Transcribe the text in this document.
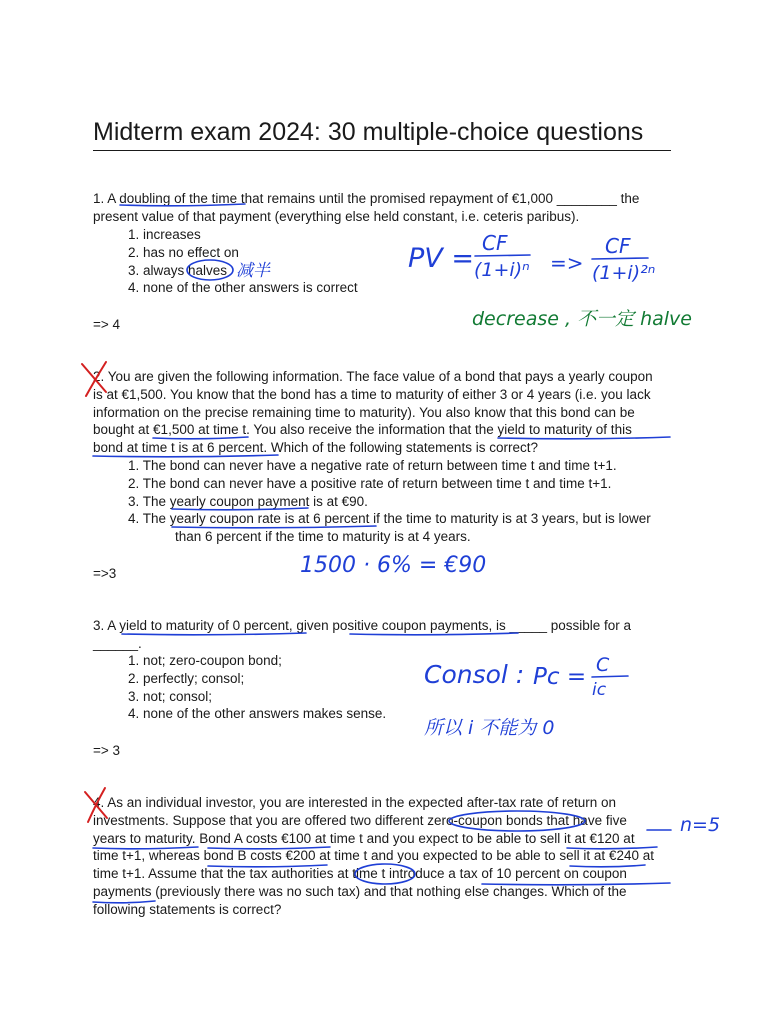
Midterm exam 2024: 30 multiple-choice questions
1. A doubling of the time that remains until the promised repayment of €1,000 ________ the
present value of that payment (everything else held constant, i.e. ceteris paribus).
1. increases
2. has no effect on
3. always halves
4. none of the other answers is correct
=> 4
2. You are given the following information. The face value of a bond that pays a yearly coupon
is at €1,500. You know that the bond has a time to maturity of either 3 or 4 years (i.e. you lack
information on the precise remaining time to maturity). You also know that this bond can be
bought at €1,500 at time t. You also receive the information that the yield to maturity of this
bond at time t is at 6 percent. Which of the following statements is correct?
1. The bond can never have a negative rate of return between time t and time t+1.
2. The bond can never have a positive rate of return between time t and time t+1.
3. The yearly coupon payment is at €90.
4. The yearly coupon rate is at 6 percent if the time to maturity is at 3 years, but is lower
than 6 percent if the time to maturity is at 4 years.
=>3
3. A yield to maturity of 0 percent, given positive coupon payments, is _____ possible for a
______.
1. not; zero-coupon bond;
2. perfectly; consol;
3. not; consol;
4. none of the other answers makes sense.
=> 3
4. As an individual investor, you are interested in the expected after-tax rate of return on
investments. Suppose that you are offered two different zero-coupon bonds that have five
years to maturity. Bond A costs €100 at time t and you expect to be able to sell it at €120 at
time t+1, whereas bond B costs €200 at time t and you expected to be able to sell it at €240 at
time t+1. Assume that the tax authorities at time t introduce a tax of 10 percent on coupon
payments (previously there was no such tax) and that nothing else changes. Which of the
following statements is correct?
减半	PV = CF
(1+i)ⁿ =>
CF
(1+i)²ⁿ
decrease , 不一定 halve
1500 · 6% = €90
Consol : Pc = C
ic
所以 i 不能为 0
n=5
